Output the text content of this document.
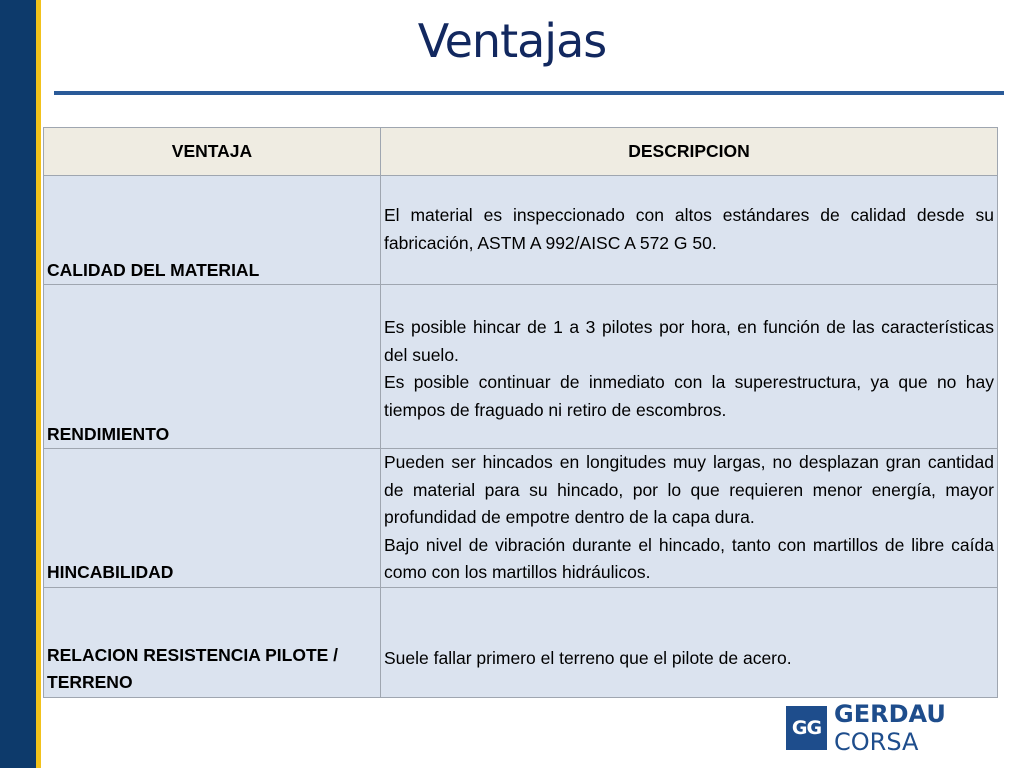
Ventajas
VENTAJA	DESCRIPCION
CALIDAD DEL MATERIAL	El material es inspeccionado con altos estándares de calidad desde su fabricación, ASTM A 992/AISC A 572 G 50.

RENDIMIENTO	Es posible hincar de 1 a 3 pilotes por hora, en función de las características del suelo.

Es posible continuar de inmediato con la superestructura, ya que no hay tiempos de fraguado ni retiro de escombros.

HINCABILIDAD	Pueden ser hincados en longitudes muy largas, no desplazan gran cantidad de material para su hincado, por lo que requieren menor energía, mayor profundidad de empotre dentro de la capa dura.

Bajo nivel de vibración durante el hincado, tanto con martillos de libre caída como con los martillos hidráulicos.

RELACION RESISTENCIA PILOTE / TERRENO	Suele fallar primero el terreno que el pilote de acero.

GG GERDAU CORSA
